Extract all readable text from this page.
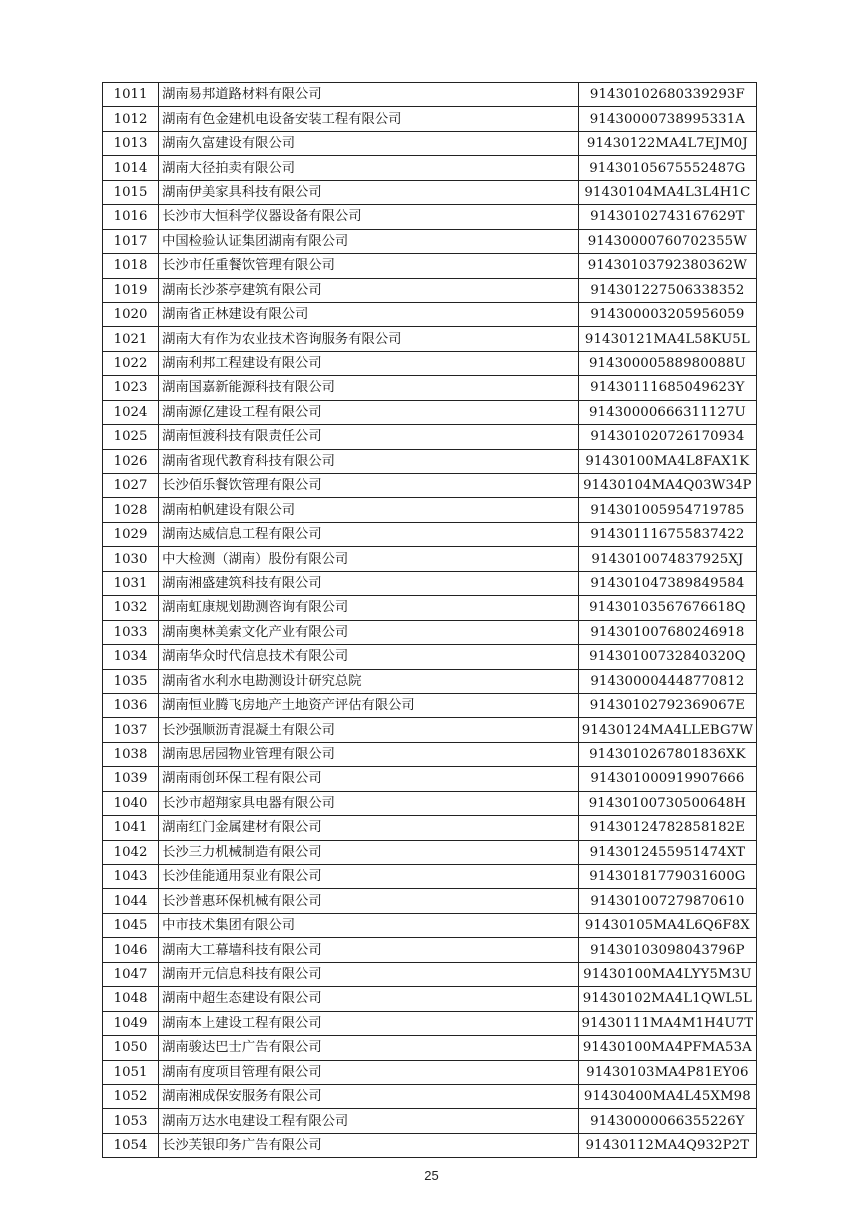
1011	湖南易邦道路材料有限公司	91430102680339293F
1012	湖南有色金建机电设备安装工程有限公司	91430000738995331A
1013	湖南久富建设有限公司	91430122MA4L7EJM0J
1014	湖南大径拍卖有限公司	91430105675552487G
1015	湖南伊美家具科技有限公司	91430104MA4L3L4H1C
1016	长沙市大恒科学仪器设备有限公司	91430102743167629T
1017	中国检验认证集团湖南有限公司	91430000760702355W
1018	长沙市任重餐饮管理有限公司	91430103792380362W
1019	湖南长沙茶亭建筑有限公司	914301227506338352
1020	湖南省正林建设有限公司	914300003205956059
1021	湖南大有作为农业技术咨询服务有限公司	91430121MA4L58KU5L
1022	湖南利邦工程建设有限公司	91430000588980088U
1023	湖南国嘉新能源科技有限公司	91430111685049623Y
1024	湖南源亿建设工程有限公司	91430000666311127U
1025	湖南恒渡科技有限责任公司	914301020726170934
1026	湖南省现代教育科技有限公司	91430100MA4L8FAX1K
1027	长沙佰乐餐饮管理有限公司	91430104MA4Q03W34P
1028	湖南柏帆建设有限公司	914301005954719785
1029	湖南达威信息工程有限公司	914301116755837422
1030	中大检测（湖南）股份有限公司	9143010074837925XJ
1031	湖南湘盛建筑科技有限公司	914301047389849584
1032	湖南虹康规划勘测咨询有限公司	91430103567676618Q
1033	湖南奥林美索文化产业有限公司	914301007680246918
1034	湖南华众时代信息技术有限公司	91430100732840320Q
1035	湖南省水利水电勘测设计研究总院	914300004448770812
1036	湖南恒业腾飞房地产土地资产评估有限公司	91430102792369067E
1037	长沙强顺沥青混凝土有限公司	91430124MA4LLEBG7W
1038	湖南思居园物业管理有限公司	9143010267801836XK
1039	湖南雨创环保工程有限公司	914301000919907666
1040	长沙市超翔家具电器有限公司	91430100730500648H
1041	湖南红门金属建材有限公司	91430124782858182E
1042	长沙三力机械制造有限公司	9143012455951474XT
1043	长沙佳能通用泵业有限公司	91430181779031600G
1044	长沙普惠环保机械有限公司	914301007279870610
1045	中市技术集团有限公司	91430105MA4L6Q6F8X
1046	湖南大工幕墙科技有限公司	91430103098043796P
1047	湖南开元信息科技有限公司	91430100MA4LYY5M3U
1048	湖南中超生态建设有限公司	91430102MA4L1QWL5L
1049	湖南本上建设工程有限公司	91430111MA4M1H4U7T
1050	湖南骏达巴士广告有限公司	91430100MA4PFMA53A
1051	湖南有度项目管理有限公司	91430103MA4P81EY06
1052	湖南湘成保安服务有限公司	91430400MA4L45XM98
1053	湖南万达水电建设工程有限公司	91430000066355226Y
1054	长沙芙银印务广告有限公司	91430112MA4Q932P2T
25
